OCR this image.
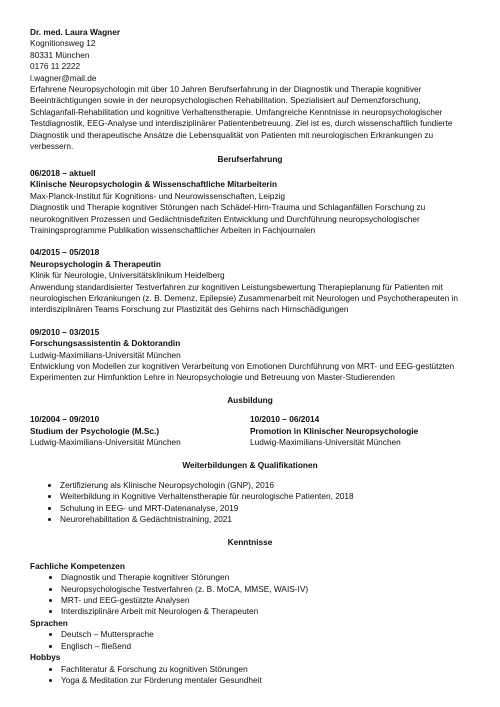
Dr. med. Laura Wagner
Kognitionsweg 12
80331 München
0176 11 2222
l.wagner@mail.de
Erfahrene Neuropsychologin mit über 10 Jahren Berufserfahrung in der Diagnostik und Therapie kognitiver
Beeinträchtigungen sowie in der neuropsychologischen Rehabilitation. Spezialisiert auf Demenzforschung,
Schlaganfall-Rehabilitation und kognitive Verhaltenstherapie. Umfangreiche Kenntnisse in neuropsychologischer
Testdiagnostik, EEG-Analyse und interdisziplinärer Patientenbetreuung. Ziel ist es, durch wissenschaftlich fundierte
Diagnostik und therapeutische Ansätze die Lebensqualität von Patienten mit neurologischen Erkrankungen zu
verbessern.
Berufserfahrung
06/2018 – aktuell
Klinische Neuropsychologin & Wissenschaftliche Mitarbeiterin
Max-Planck-Institut für Kognitions- und Neurowissenschaften, Leipzig
Diagnostik und Therapie kognitiver Störungen nach Schädel-Hirn-Trauma und Schlaganfällen Forschung zu
neurokognitiven Prozessen und Gedächtnisdefiziten Entwicklung und Durchführung neuropsychologischer
Trainingsprogramme Publikation wissenschaftlicher Arbeiten in Fachjournalen
04/2015 – 05/2018
Neuropsychologin & Therapeutin
Klinik für Neurologie, Universitätsklinikum Heidelberg
Anwendung standardisierter Testverfahren zur kognitiven Leistungsbewertung Therapieplanung für Patienten mit
neurologischen Erkrankungen (z. B. Demenz, Epilepsie) Zusammenarbeit mit Neurologen und Psychotherapeuten in
interdisziplinären Teams Forschung zur Plastizität des Gehirns nach Hirnschädigungen
09/2010 – 03/2015
Forschungsassistentin & Doktorandin
Ludwig-Maximilians-Universität München
Entwicklung von Modellen zur kognitiven Verarbeitung von Emotionen Durchführung von MRT- und EEG-gestützten
Experimenten zur Hirnfunktion Lehre in Neuropsychologie und Betreuung von Master-Studierenden
Ausbildung
10/2004 – 09/2010
Studium der Psychologie (M.Sc.)
Ludwig-Maximilians-Universität München
10/2010 – 06/2014
Promotion in Klinischer Neuropsychologie
Ludwig-Maximilians-Universität München
Weiterbildungen & Qualifikationen
• Zertifizierung als Klinische Neuropsychologin (GNP), 2016
• Weiterbildung in Kognitive Verhaltenstherapie für neurologische Patienten, 2018
• Schulung in EEG- und MRT-Datenanalyse, 2019
• Neurorehabilitation & Gedächtnistraining, 2021
Kenntnisse
Fachliche Kompetenzen
• Diagnostik und Therapie kognitiver Störungen
• Neuropsychologische Testverfahren (z. B. MoCA, MMSE, WAIS-IV)
• MRT- und EEG-gestützte Analysen
• Interdisziplinäre Arbeit mit Neurologen & Therapeuten
Sprachen
• Deutsch – Muttersprache
• Englisch – fließend
Hobbys
• Fachliteratur & Forschung zu kognitiven Störungen
• Yoga & Meditation zur Förderung mentaler Gesundheit
